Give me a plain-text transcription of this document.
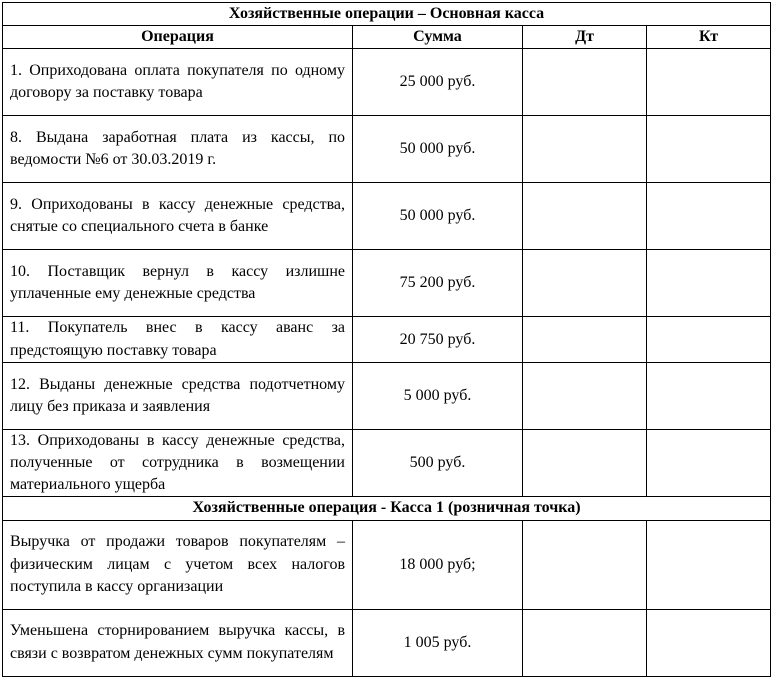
Хозяйственные операции – Основная касса			
Операция	Сумма	Дт	Кт
1. Оприходована оплата покупателя по одному договору за поставку товара	25 000 руб.		
8. Выдана заработная плата из кассы, по ведомости №6 от 30.03.2019 г.	50 000 руб.		
9. Оприходованы в кассу денежные средства, снятые со специального счета в банке	50 000 руб.		
10. Поставщик вернул в кассу излишне уплаченные ему денежные средства	75 200 руб.		
11. Покупатель внес в кассу аванс за предстоящую поставку товара	20 750 руб.		
12. Выданы денежные средства подотчетному лицу без приказа и заявления	5 000 руб.		
13. Оприходованы в кассу денежные средства, полученные от сотрудника в возмещении материального ущерба	500 руб.		
Хозяйственные операция - Касса 1 (розничная точка)			
Выручка от продажи товаров покупателям – физическим лицам с учетом всех налогов поступила в кассу организации	18 000 руб;		
Уменьшена сторнированием выручка кассы, в связи с возвратом денежных сумм покупателям	1 005 руб.		
